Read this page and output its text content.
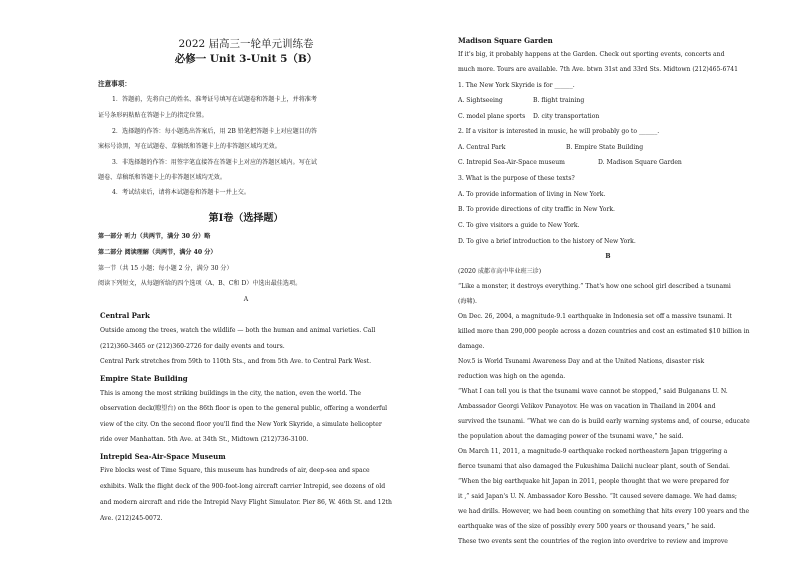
2022 届高三一轮单元训练卷
必修一 Unit 3-Unit 5（B）
注意事项：
1．答题前，先将自己的姓名、准考证号填写在试题卷和答题卡上，并将准考
证号条形码粘贴在答题卡上的指定位置。
2．选择题的作答：每小题选出答案后，用 2B 铅笔把答题卡上对应题目的答
案标号涂黑，写在试题卷、草稿纸和答题卡上的非答题区域均无效。
3．非选择题的作答：用签字笔直接答在答题卡上对应的答题区域内。写在试
题卷、草稿纸和答题卡上的非答题区域均无效。
4．考试结束后，请将本试题卷和答题卡一并上交。
第Ⅰ卷（选择题）
第一部分 听力（共两节，满分 30 分）略
第二部分 阅读理解（共两节，满分 40 分）
第一节（共 15 小题；每小题 2 分，满分 30 分）
阅读下列短文，从每题所给的四个选项（A、B、C和 D）中选出最佳选项。
A
Central Park
Outside among the trees, watch the wildlife — both the human and animal varieties. Call
(212)360-3465 or (212)360-2726 for daily events and tours.
Central Park stretches from 59th to 110th Sts., and from 5th Ave. to Central Park West.
Empire State Building
This is among the most striking buildings in the city, the nation, even the world. The
observation deck(瞭望台) on the 86th floor is open to the general public, offering a wonderful
view of the city. On the second floor you'll find the New York Skyride, a simulate helicopter
ride over Manhattan. 5th Ave. at 34th St., Midtown (212)736-3100.
Intrepid Sea-Air-Space Museum
Five blocks west of Time Square, this museum has hundreds of air, deep-sea and space
exhibits. Walk the flight deck of the 900-foot-long aircraft carrier Intrepid, see dozens of old
and modern aircraft and ride the Intrepid Navy Flight Simulator. Pier 86, W. 46th St. and 12th
Ave. (212)245-0072.
Madison Square Garden
If it's big, it probably happens at the Garden. Check out sporting events, concerts and
much more. Tours are available. 7th Ave. btwn 31st and 33rd Sts. Midtown (212)465-6741
1. The New York Skyride is for ______.
A. Sightseeing	B. flight training
C. model plane sports D. city transportation
2. If a visitor is interested in music, he will probably go to ______.
A. Central Park	B. Empire State Building
C. Intrepid Sea-Air-Space museum	D. Madison Square Garden
3. What is the purpose of these texts?
A. To provide information of living in New York.
B. To provide directions of city traffic in New York.
C. To give visitors a guide to New York.
D. To give a brief introduction to the history of New York.
B
(2020 成都市高中毕业班三诊)
“Like a monster, it destroys everything.” That's how one school girl described a tsunami
(海啸).
On Dec. 26, 2004, a magnitude-9.1 earthquake in Indonesia set off a massive tsunami. It
killed more than 290,000 people across a dozen countries and cost an estimated $10 billion in
damage.
Nov.5 is World Tsunami Awareness Day and at the United Nations, disaster risk
reduction was high on the agenda.
“What I can tell you is that the tsunami wave cannot be stopped,” said Bulganans U. N.
Ambassador Georgi Velikov Panayotov. He was on vacation in Thailand in 2004 and
survived the tsunami. “What we can do is build early warning systems and, of course, educate
the population about the damaging power of the tsunami wave,” he said.
On March 11, 2011, a magnitude-9 earthquake rocked northeastern Japan triggering a
fierce tsunami that also damaged the Fukushima Daiichi nuclear plant, south of Sendai.
“When the big earthquake hit Japan in 2011, people thought that we were prepared for
it ,” said Japan's U. N. Ambassador Koro Bessho. “It caused severe damage. We had dams;
we had drills. However, we had been counting on something that hits every 100 years and the
earthquake was of the size of possibly every 500 years or thousand years,” he said.
These two events sent the countries of the region into overdrive to review and improve
